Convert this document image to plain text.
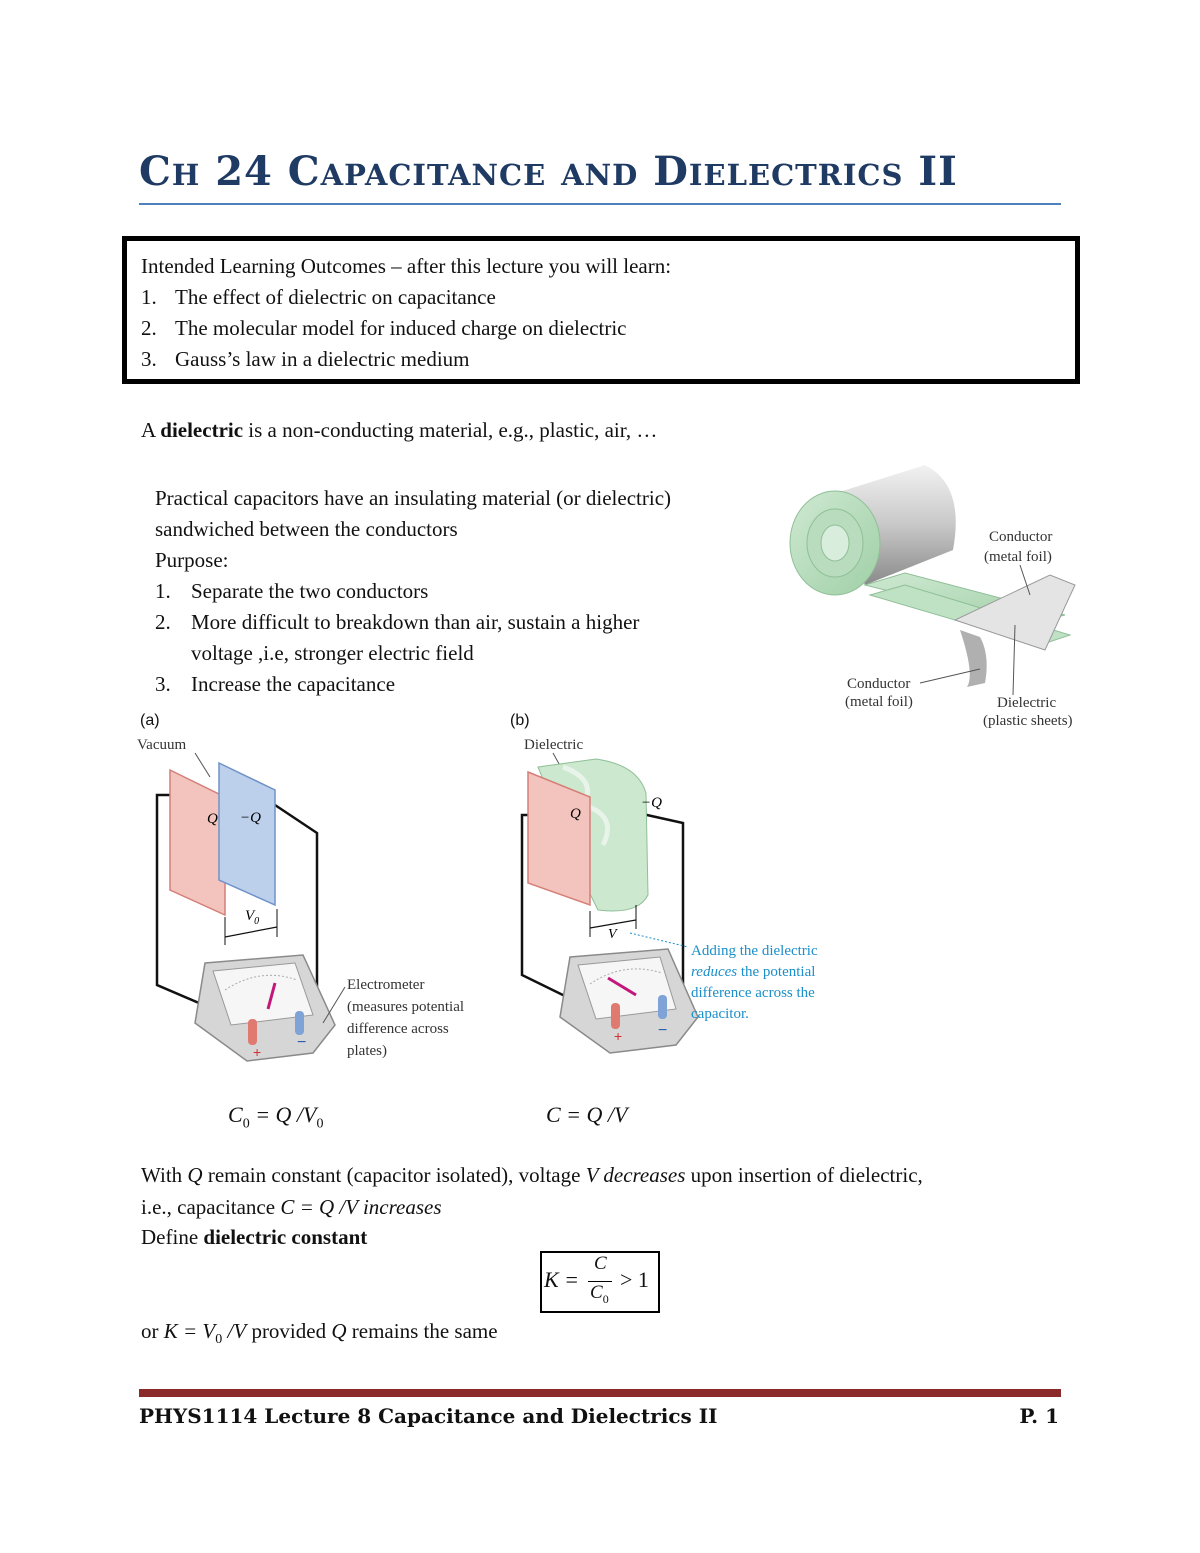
CH 24 CAPACITANCE AND DIELECTRICS II
Intended Learning Outcomes – after this lecture you will learn:
1. The effect of dielectric on capacitance
2. The molecular model for induced charge on dielectric
3. Gauss’s law in a dielectric medium
A dielectric is a non-conducting material, e.g., plastic, air, …
Practical capacitors have an insulating material (or dielectric)
sandwiched between the conductors
Purpose:
1. Separate the two conductors
2. More difficult to breakdown than air, sustain a higher
voltage ,i.e, stronger electric field
3. Increase the capacitance
Conductor
(metal foil)
Conductor
(metal foil)	Dielectric
(plastic sheets)
(a)
Vacuum
Q −Q
$V_0$
+
−
Electrometer
(measures potential
difference across
plates)
(b)
Dielectric
Q
−Q
V
+ −
Adding the dielectric
reduces the potential
difference across the
capacitor.
$C_0 = Q$ $/V_0$	C = Q /V
With Q remain constant (capacitor isolated), voltage V decreases upon insertion of dielectric,
i.e., capacitance C = Q /V increases
Define dielectric constant
K =
C
$C_0$
> 1
or $K = V_0$ /V provided Q remains the same
PHYS1114 Lecture 8 Capacitance and Dielectrics II	P. 1
